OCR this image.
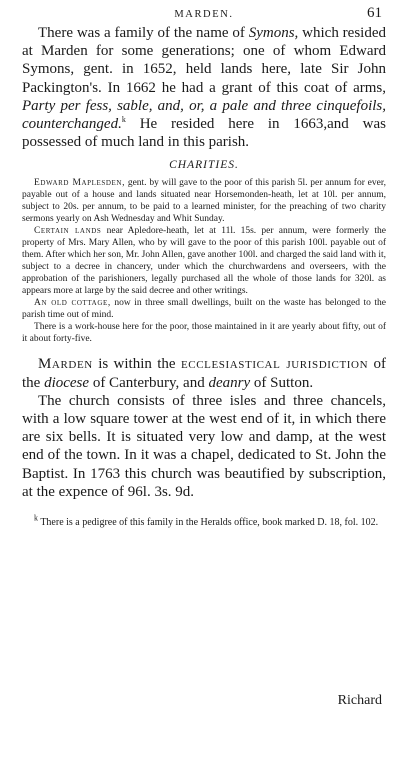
MARDEN.	61

There was a family of the name of Symons, which resided at Marden for some generations; one of whom Edward Symons, gent. in 1652, held lands here, late Sir John Packington's. In 1662 he had a grant of this coat of arms, Party per fess, sable, and, or, a pale and three cinquefoils, counterchanged.$^k$ He resided here in 1663,and was possessed of much land in this parish.

CHARITIES.

Edward Maplesden, gent. by will gave to the poor of this parish 5l. per annum for ever, payable out of a house and lands situated near Horsemonden-heath, let at 10l. per annum, subject to 20s. per annum, to be paid to a learned minister, for the preaching of two charity sermons yearly on Ash Wednesday and Whit Sunday.

Certain lands near Apledore-heath, let at 11l. 15s. per annum, were formerly the property of Mrs. Mary Allen, who by will gave to the poor of this parish 100l. payable out of them. After which her son, Mr. John Allen, gave another 100l. and charged the said land with it, subject to a decree in chancery, under which the churchwardens and overseers, with the approbation of the parishioners, legally purchased all the whole of those lands for 320l. as appears more at large by the said decree and other writings.

An old cottage, now in three small dwellings, built on the waste has belonged to the parish time out of mind.

There is a work-house here for the poor, those maintained in it are yearly about fifty, out of it about forty-five.

Marden is within the ecclesiastical jurisdiction of the diocese of Canterbury, and deanry of Sutton.

The church consists of three isles and three chancels, with a low square tower at the west end of it, in which there are six bells. It is situated very low and damp, at the west end of the town. In it was a chapel, dedicated to St. John the Baptist. In 1763 this church was beautified by subscription, at the expence of 96l. 3s. 9d.

$^k$ There is a pedigree of this family in the Heralds office, book marked D. 18, fol. 102.

Richard
